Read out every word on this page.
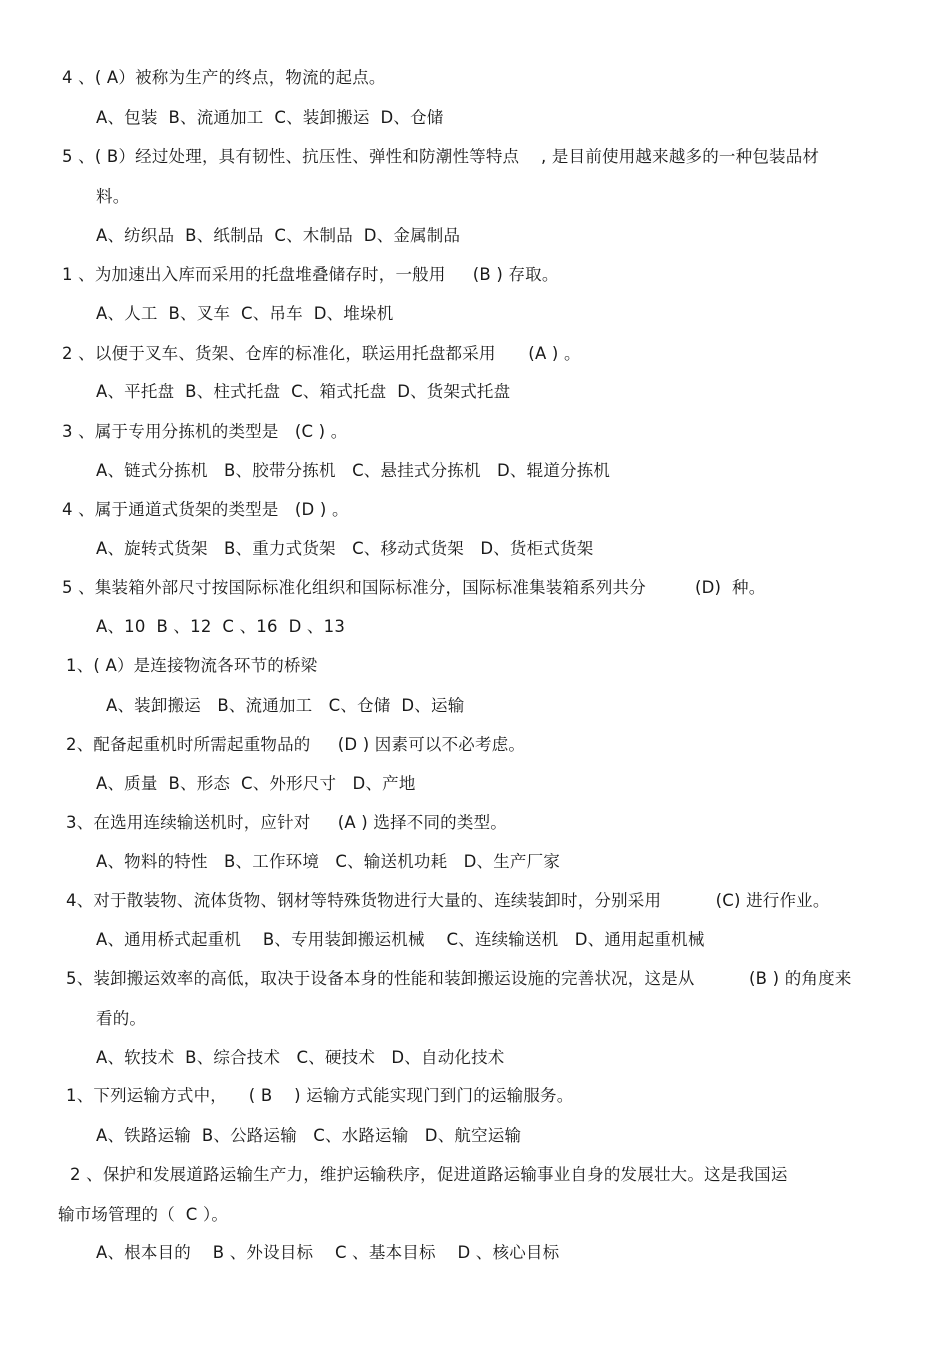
4 、( A）被称为生产的终点，物流的起点。
A、包装  B、流通加工  C、装卸搬运  D、仓储
5 、( B）经过处理，具有韧性、抗压性、弹性和防潮性等特点    , 是目前使用越来越多的一种包装品材
料。
A、纺织品  B、纸制品  C、木制品  D、金属制品
1 、为加速出入库而采用的托盘堆叠储存时，一般用     (B ) 存取。
A、人工  B、叉车  C、吊车  D、堆垛机
2 、以便于叉车、货架、仓库的标准化，联运用托盘都采用      (A ) 。
A、平托盘  B、柱式托盘  C、箱式托盘  D、货架式托盘
3 、属于专用分拣机的类型是   (C ) 。
A、链式分拣机   B、胶带分拣机   C、悬挂式分拣机   D、辊道分拣机
4 、属于通道式货架的类型是   (D ) 。
A、旋转式货架   B、重力式货架   C、移动式货架   D、货柜式货架
5 、集装箱外部尺寸按国际标准化组织和国际标准分，国际标准集装箱系列共分         (D)  种。
A、10  B 、12  C 、16  D 、13
1、( A）是连接物流各环节的桥梁
A、装卸搬运   B、流通加工   C、仓储  D、运输
2、配备起重机时所需起重物品的     (D ) 因素可以不必考虑。
A、质量  B、形态  C、外形尺寸   D、产地
3、在选用连续输送机时，应针对     (A ) 选择不同的类型。
A、物料的特性   B、工作环境   C、输送机功耗   D、生产厂家
4、对于散装物、流体货物、钢材等特殊货物进行大量的、连续装卸时，分别采用          (C) 进行作业。
A、通用桥式起重机    B、专用装卸搬运机械    C、连续输送机   D、通用起重机械
5、装卸搬运效率的高低，取决于设备本身的性能和装卸搬运设施的完善状况，这是从          (B ) 的角度来
看的。
A、软技术  B、综合技术   C、硬技术   D、自动化技术
1、下列运输方式中，    ( B    ) 运输方式能实现门到门的运输服务。
A、铁路运输  B、公路运输   C、水路运输   D、航空运输
2 、保护和发展道路运输生产力，维护运输秩序，促进道路运输事业自身的发展壮大。这是我国运
输市场管理的（  C ）。
A、根本目的    B 、外设目标    C 、基本目标    D 、核心目标
